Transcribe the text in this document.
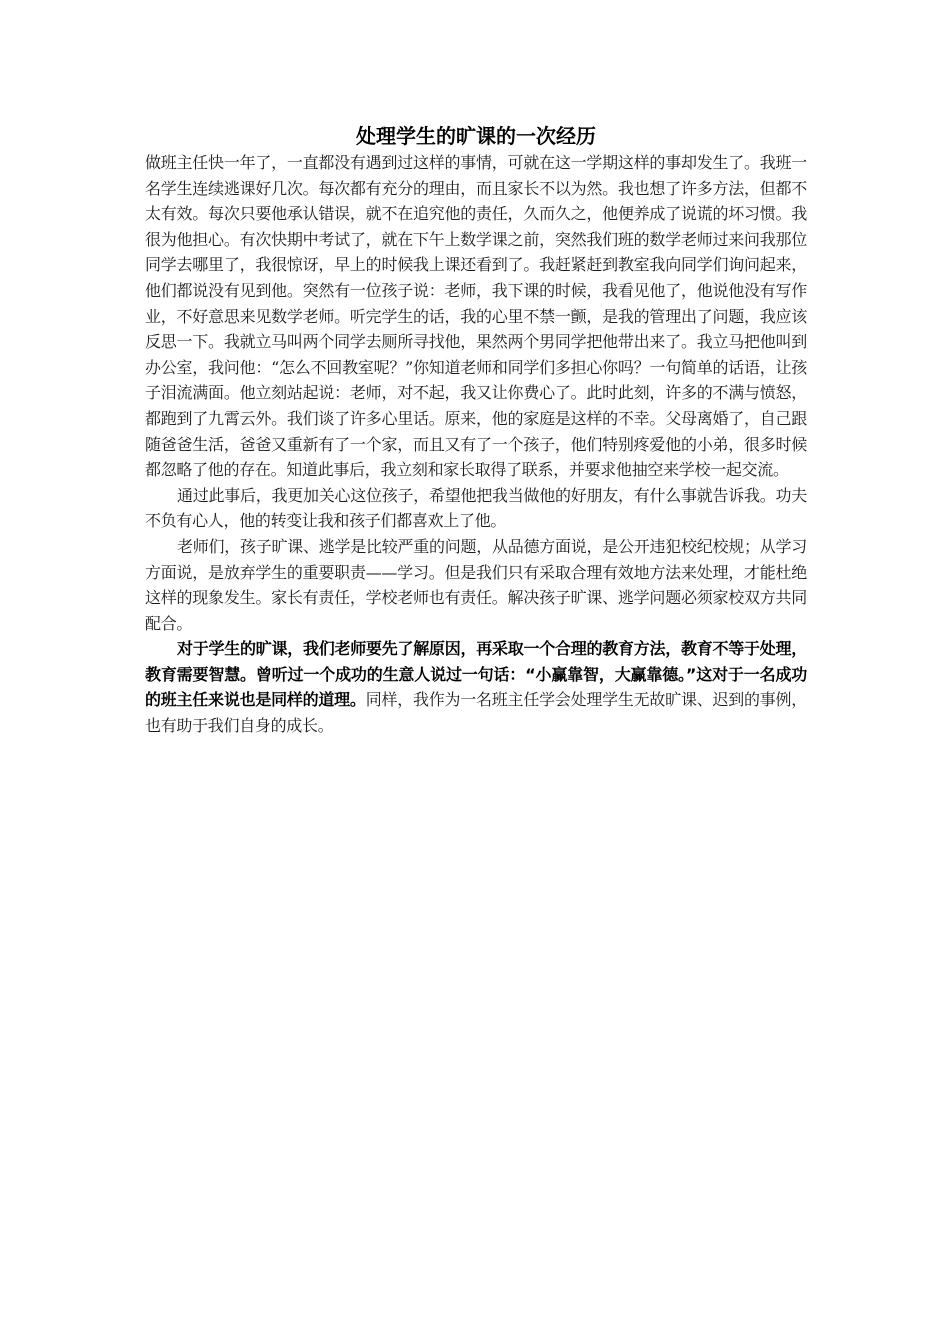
处理学生的旷课的一次经历

做班主任快一年了，一直都没有遇到过这样的事情，可就在这一学期这样的事却发生了。我班一名学生连续逃课好几次。每次都有充分的理由，而且家长不以为然。我也想了许多方法，但都不太有效。每次只要他承认错误，就不在追究他的责任，久而久之，他便养成了说谎的坏习惯。我很为他担心。有次快期中考试了，就在下午上数学课之前，突然我们班的数学老师过来问我那位同学去哪里了，我很惊讶，早上的时候我上课还看到了。我赶紧赶到教室我向同学们询问起来，他们都说没有见到他。突然有一位孩子说：老师，我下课的时候，我看见他了，他说他没有写作业，不好意思来见数学老师。听完学生的话，我的心里不禁一颤，是我的管理出了问题，我应该反思一下。我就立马叫两个同学去厕所寻找他，果然两个男同学把他带出来了。我立马把他叫到办公室，我问他：“怎么不回教室呢？”你知道老师和同学们多担心你吗？一句简单的话语，让孩子泪流满面。他立刻站起说：老师，对不起，我又让你费心了。此时此刻，许多的不满与愤怒，都跑到了九霄云外。我们谈了许多心里话。原来，他的家庭是这样的不幸。父母离婚了，自己跟随爸爸生活，爸爸又重新有了一个家，而且又有了一个孩子，他们特别疼爱他的小弟，很多时候都忽略了他的存在。知道此事后，我立刻和家长取得了联系，并要求他抽空来学校一起交流。

通过此事后，我更加关心这位孩子，希望他把我当做他的好朋友，有什么事就告诉我。功夫不负有心人，他的转变让我和孩子们都喜欢上了他。

老师们，孩子旷课、逃学是比较严重的问题，从品德方面说，是公开违犯校纪校规；从学习方面说，是放弃学生的重要职责——学习。但是我们只有采取合理有效地方法来处理，才能杜绝这样的现象发生。家长有责任，学校老师也有责任。解决孩子旷课、逃学问题必须家校双方共同配合。

对于学生的旷课，我们老师要先了解原因，再采取一个合理的教育方法，教育不等于处理，教育需要智慧。曾听过一个成功的生意人说过一句话：“小赢靠智，大赢靠德。”这对于一名成功的班主任来说也是同样的道理。同样，我作为一名班主任学会处理学生无故旷课、迟到的事例，也有助于我们自身的成长。
